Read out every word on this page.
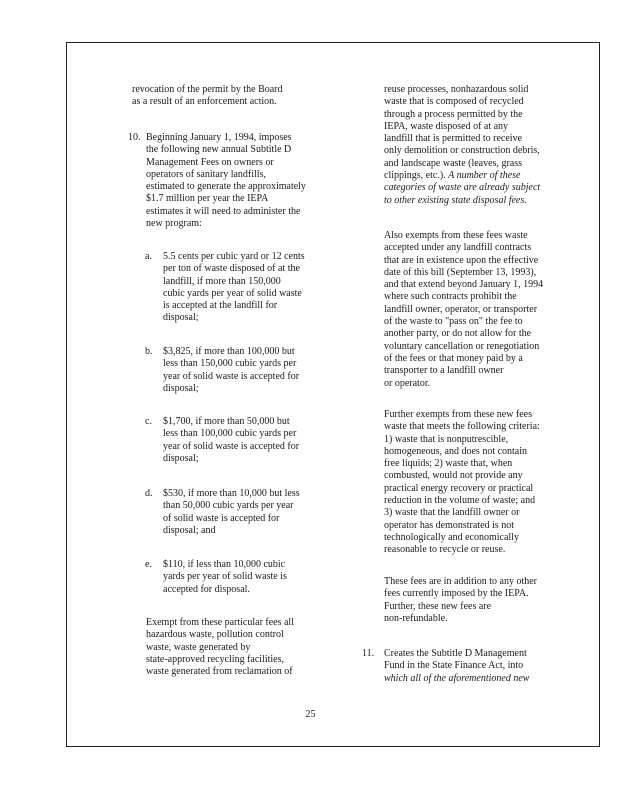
revocation of the permit by the Board
as a result of an enforcement action.

10. Beginning January 1, 1994, imposes
the following new annual Subtitle D
Management Fees on owners or
operators of sanitary landfills,
estimated to generate the approximately
$1.7 million per year the IEPA
estimates it will need to administer the
new program:

a.	5.5 cents per cubic yard or 12 cents
per ton of waste disposed of at the
landfill, if more than 150,000
cubic yards per year of solid waste
is accepted at the landfill for
disposal;

b.	$3,825, if more than 100,000 but
less than 150,000 cubic yards per
year of solid waste is accepted for
disposal;

c.	$1,700, if more than 50,000 but
less than 100,000 cubic yards per
year of solid waste is accepted for
disposal;

d.	$530, if more than 10,000 but less
than 50,000 cubic yards per year
of solid waste is accepted for
disposal; and

e.	$110, if less than 10,000 cubic
yards per year of solid waste is
accepted for disposal.

Exempt from these particular fees all
hazardous waste, pollution control
waste, waste generated by
state-approved recycling facilities,
waste generated from reclamation of

reuse processes, nonhazardous solid
waste that is composed of recycled
through a process permitted by the
IEPA, waste disposed of at any
landfill that is permitted to receive
only demolition or construction debris,
and landscape waste (leaves, grass
clippings, etc.). A number of these
categories of waste are already subject
to other existing state disposal fees.

Also exempts from these fees waste
accepted under any landfill contracts
that are in existence upon the effective
date of this bill (September 13, 1993),
and that extend beyond January 1, 1994
where such contracts prohibit the
landfill owner, operator, or transporter
of the waste to "pass on" the fee to
another party, or do not allow for the
voluntary cancellation or renegotiation
of the fees or that money paid by a
transporter to a landfill owner
or operator.

Further exempts from these new fees
waste that meets the following criteria:
1) waste that is nonputrescible,
homogeneous, and does not contain
free liquids; 2) waste that, when
combusted, would not provide any
practical energy recovery or practical
reduction in the volume of waste; and
3) waste that the landfill owner or
operator has demonstrated is not
technologically and economically
reasonable to recycle or reuse.

These fees are in addition to any other
fees currently imposed by the IEPA.
Further, these new fees are
non-refundable.

11. Creates the Subtitle D Management
Fund in the State Finance Act, into
which all of the aforementioned new

25
